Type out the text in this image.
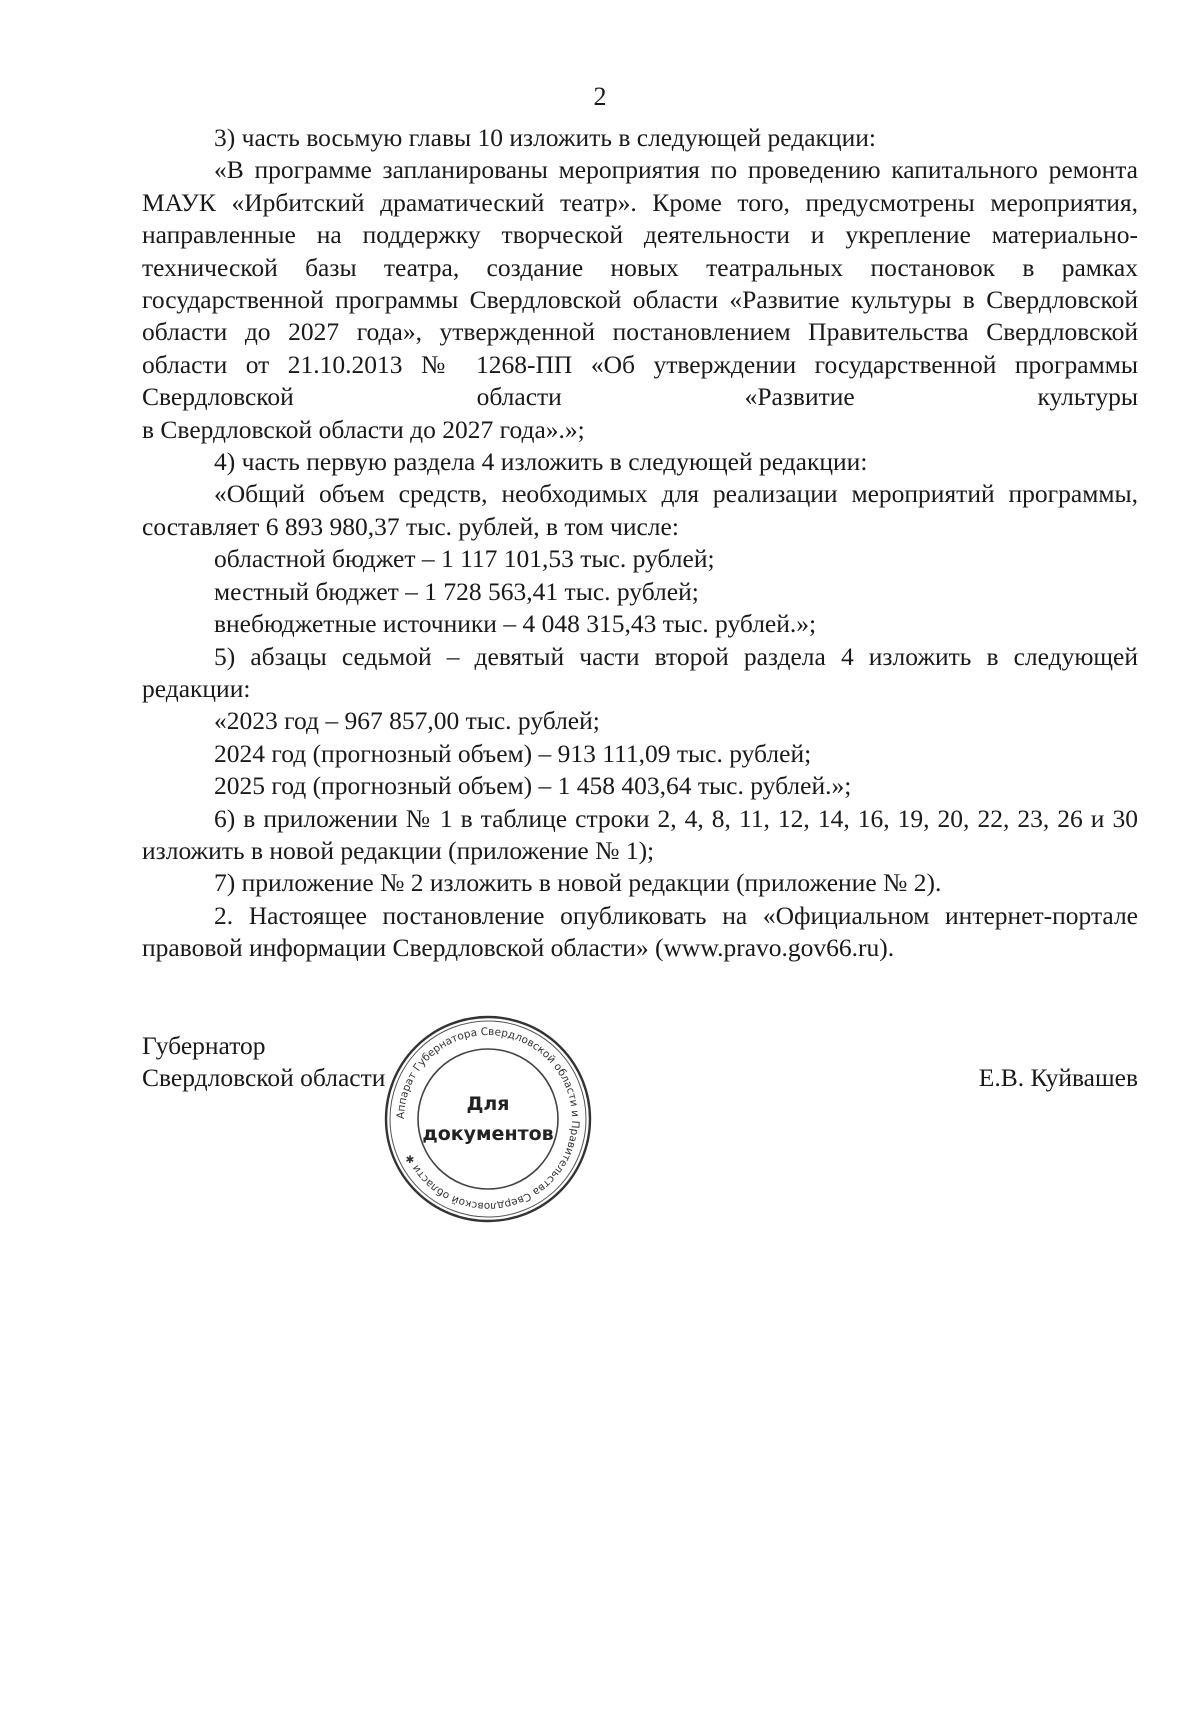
2

3) часть восьмую главы 10 изложить в следующей редакции:

«В программе запланированы мероприятия по проведению капитального ремонта МАУК «Ирбитский драматический театр». Кроме того, предусмотрены мероприятия, направленные на поддержку творческой деятельности и укрепление материально-технической базы театра, создание новых театральных постановок в рамках государственной программы Свердловской области «Развитие культуры в Свердловской области до 2027 года», утвержденной постановлением Правительства Свердловской области от 21.10.2013 № 1268-ПП «Об утверждении государственной программы Свердловской области «Развитие культуры

в Свердловской области до 2027 года».»;

4) часть первую раздела 4 изложить в следующей редакции:

«Общий объем средств, необходимых для реализации мероприятий программы, составляет 6 893 980,37 тыс. рублей, в том числе:

областной бюджет – 1 117 101,53 тыс. рублей;

местный бюджет – 1 728 563,41 тыс. рублей;

внебюджетные источники – 4 048 315,43 тыс. рублей.»;

5) абзацы седьмой – девятый части второй раздела 4 изложить в следующей редакции:

«2023 год – 967 857,00 тыс. рублей;

2024 год (прогнозный объем) – 913 111,09 тыс. рублей;

2025 год (прогнозный объем) – 1 458 403,64 тыс. рублей.»;

6) в приложении № 1 в таблице строки 2, 4, 8, 11, 12, 14, 16, 19, 20, 22, 23, 26 и 30 изложить в новой редакции (приложение № 1);

7) приложение № 2 изложить в новой редакции (приложение № 2).

2. Настоящее постановление опубликовать на «Официальном интернет-портале правовой информации Свердловской области» (www.pravo.gov66.ru).

Губернатор
Свердловской области	Е.В. Куйвашев
Аппарат Губернатора Свердловской области и Правительства Свердловской области ✱
Для
документов
